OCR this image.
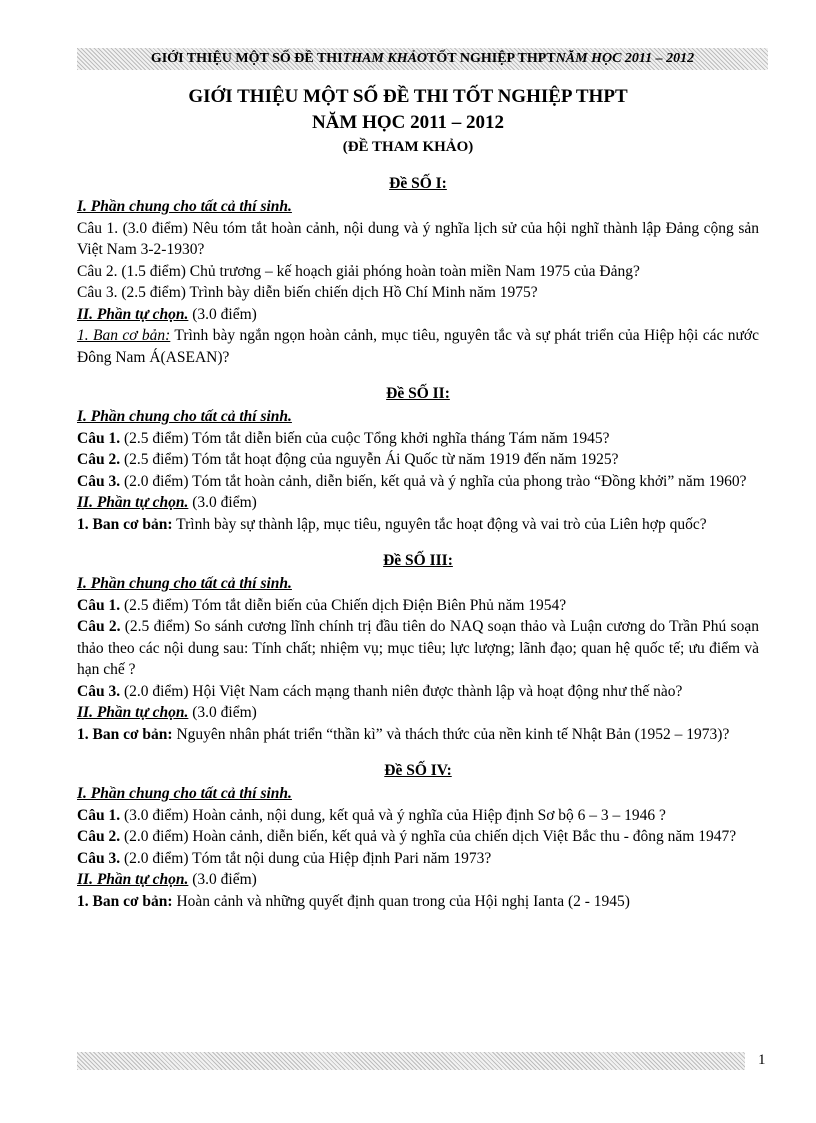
GIỚI THIỆU MỘT SỐ ĐỀ THI THAM KHẢO TỐT NGHIỆP THPT NĂM HỌC 2011 – 2012
GIỚI THIỆU MỘT SỐ ĐỀ THI TỐT NGHIỆP THPT
NĂM HỌC 2011 – 2012
(ĐỀ THAM KHẢO)
Đề SỐ I:
I. Phần chung cho tất cả thí sinh.

Câu 1. (3.0 điểm) Nêu tóm tắt hoàn cảnh, nội dung và ý nghĩa lịch sử của hội nghĩ thành lập Đảng cộng sản Việt Nam 3-2-1930?

Câu 2. (1.5 điểm) Chủ trương – kế hoạch giải phóng hoàn toàn miền Nam 1975 của Đảng?

Câu 3. (2.5 điểm) Trình bày diễn biến chiến dịch Hồ Chí Minh năm 1975?

II. Phần tự chọn. (3.0 điểm)

1. Ban cơ bản: Trình bày ngắn ngọn hoàn cảnh, mục tiêu, nguyên tắc và sự phát triển của Hiệp hội các nước Đông Nam Á(ASEAN)?

Đề SỐ II:
I. Phần chung cho tất cả thí sinh.

Câu 1. (2.5 điểm) Tóm tắt diễn biến của cuộc Tổng khởi nghĩa tháng Tám năm 1945?

Câu 2. (2.5 điểm) Tóm tắt hoạt động của nguyễn Ái Quốc từ năm 1919 đến năm 1925?

Câu 3. (2.0 điểm) Tóm tắt hoàn cảnh, diễn biến, kết quả và ý nghĩa của phong trào “Đồng khởi” năm 1960?

II. Phần tự chọn. (3.0 điểm)

1. Ban cơ bản: Trình bày sự thành lập, mục tiêu, nguyên tắc hoạt động và vai trò của Liên hợp quốc?

Đề SỐ III:
I. Phần chung cho tất cả thí sinh.

Câu 1. (2.5 điểm) Tóm tắt diễn biến của Chiến dịch Điện Biên Phủ năm 1954?

Câu 2. (2.5 điểm) So sánh cương lĩnh chính trị đầu tiên do NAQ soạn thảo và Luận cương do Trần Phú soạn thảo theo các nội dung sau: Tính chất; nhiệm vụ; mục tiêu; lực lượng; lãnh đạo; quan hệ quốc tế; ưu điểm và hạn chế ?

Câu 3. (2.0 điểm) Hội Việt Nam cách mạng thanh niên được thành lập và hoạt động như thế nào?

II. Phần tự chọn. (3.0 điểm)

1. Ban cơ bản: Nguyên nhân phát triển “thần kì” và thách thức của nền kinh tế Nhật Bản (1952 – 1973)?

Đề SỐ IV:
I. Phần chung cho tất cả thí sinh.

Câu 1. (3.0 điểm) Hoàn cảnh, nội dung, kết quả và ý nghĩa của Hiệp định Sơ bộ 6 – 3 – 1946 ?

Câu 2. (2.0 điểm) Hoàn cảnh, diễn biến, kết quả và ý nghĩa của chiến dịch Việt Bắc thu - đông năm 1947?

Câu 3. (2.0 điểm) Tóm tắt nội dung của Hiệp định Pari năm 1973?

II. Phần tự chọn. (3.0 điểm)

1. Ban cơ bản: Hoàn cảnh và những quyết định quan trong của Hội nghị Ianta (2 - 1945)

1
